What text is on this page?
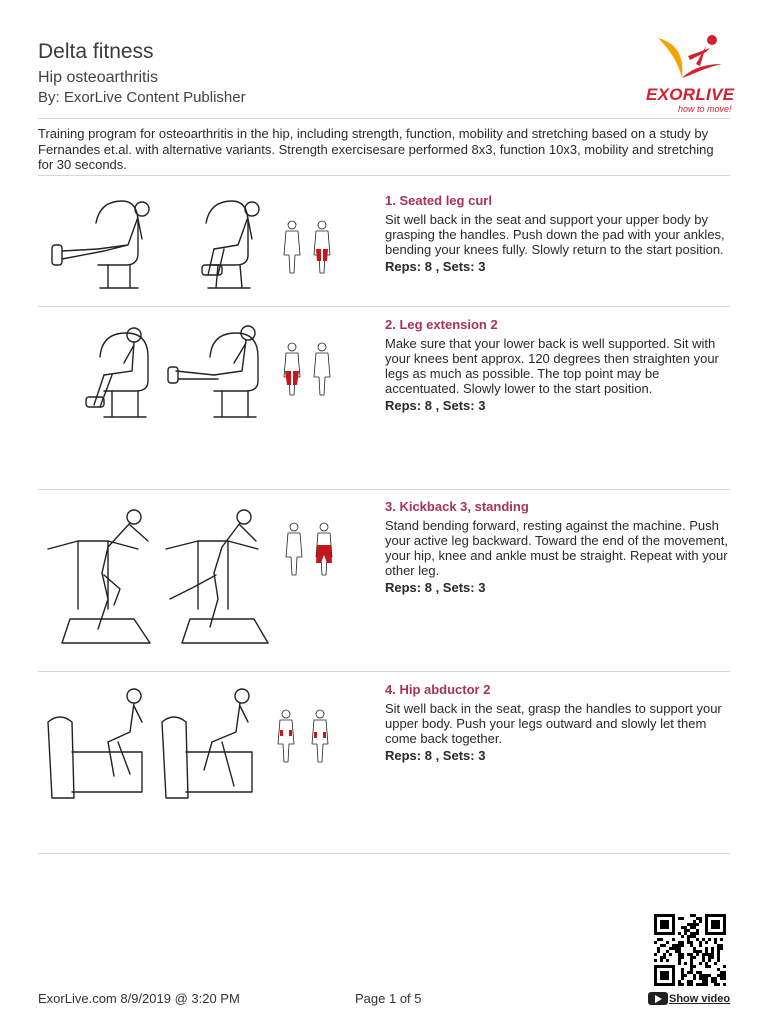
Delta fitness
Hip osteoarthritis
By: ExorLive Content Publisher	EXORLIVE
how to move!
Training program for osteoarthritis in the hip, including strength, function, mobility and stretching based on a study by Fernandes et.al. with alternative variants. Strength exercisesare performed 8x3, function 10x3, mobility and stretching for 30 seconds.
1. Seated leg curl
Sit well back in the seat and support your upper body by grasping the handles. Push down the pad with your ankles, bending your knees fully. Slowly return to the start position.
Reps: 8 , Sets: 3
2. Leg extension 2
Make sure that your lower back is well supported. Sit with your knees bent approx. 120 degrees then straighten your legs as much as possible. The top point may be accentuated. Slowly lower to the start position.
Reps: 8 , Sets: 3
3. Kickback 3, standing
Stand bending forward, resting against the machine. Push your active leg backward. Toward the end of the movement, your hip, knee and ankle must be straight. Repeat with your other leg.
Reps: 8 , Sets: 3
4. Hip abductor 2
Sit well back in the seat, grasp the handles to support your upper body. Push your legs outward and slowly let them come back together.
Reps: 8 , Sets: 3
ExorLive.com 8/9/2019 @ 3:20 PM	Page 1 of 5	Show video
